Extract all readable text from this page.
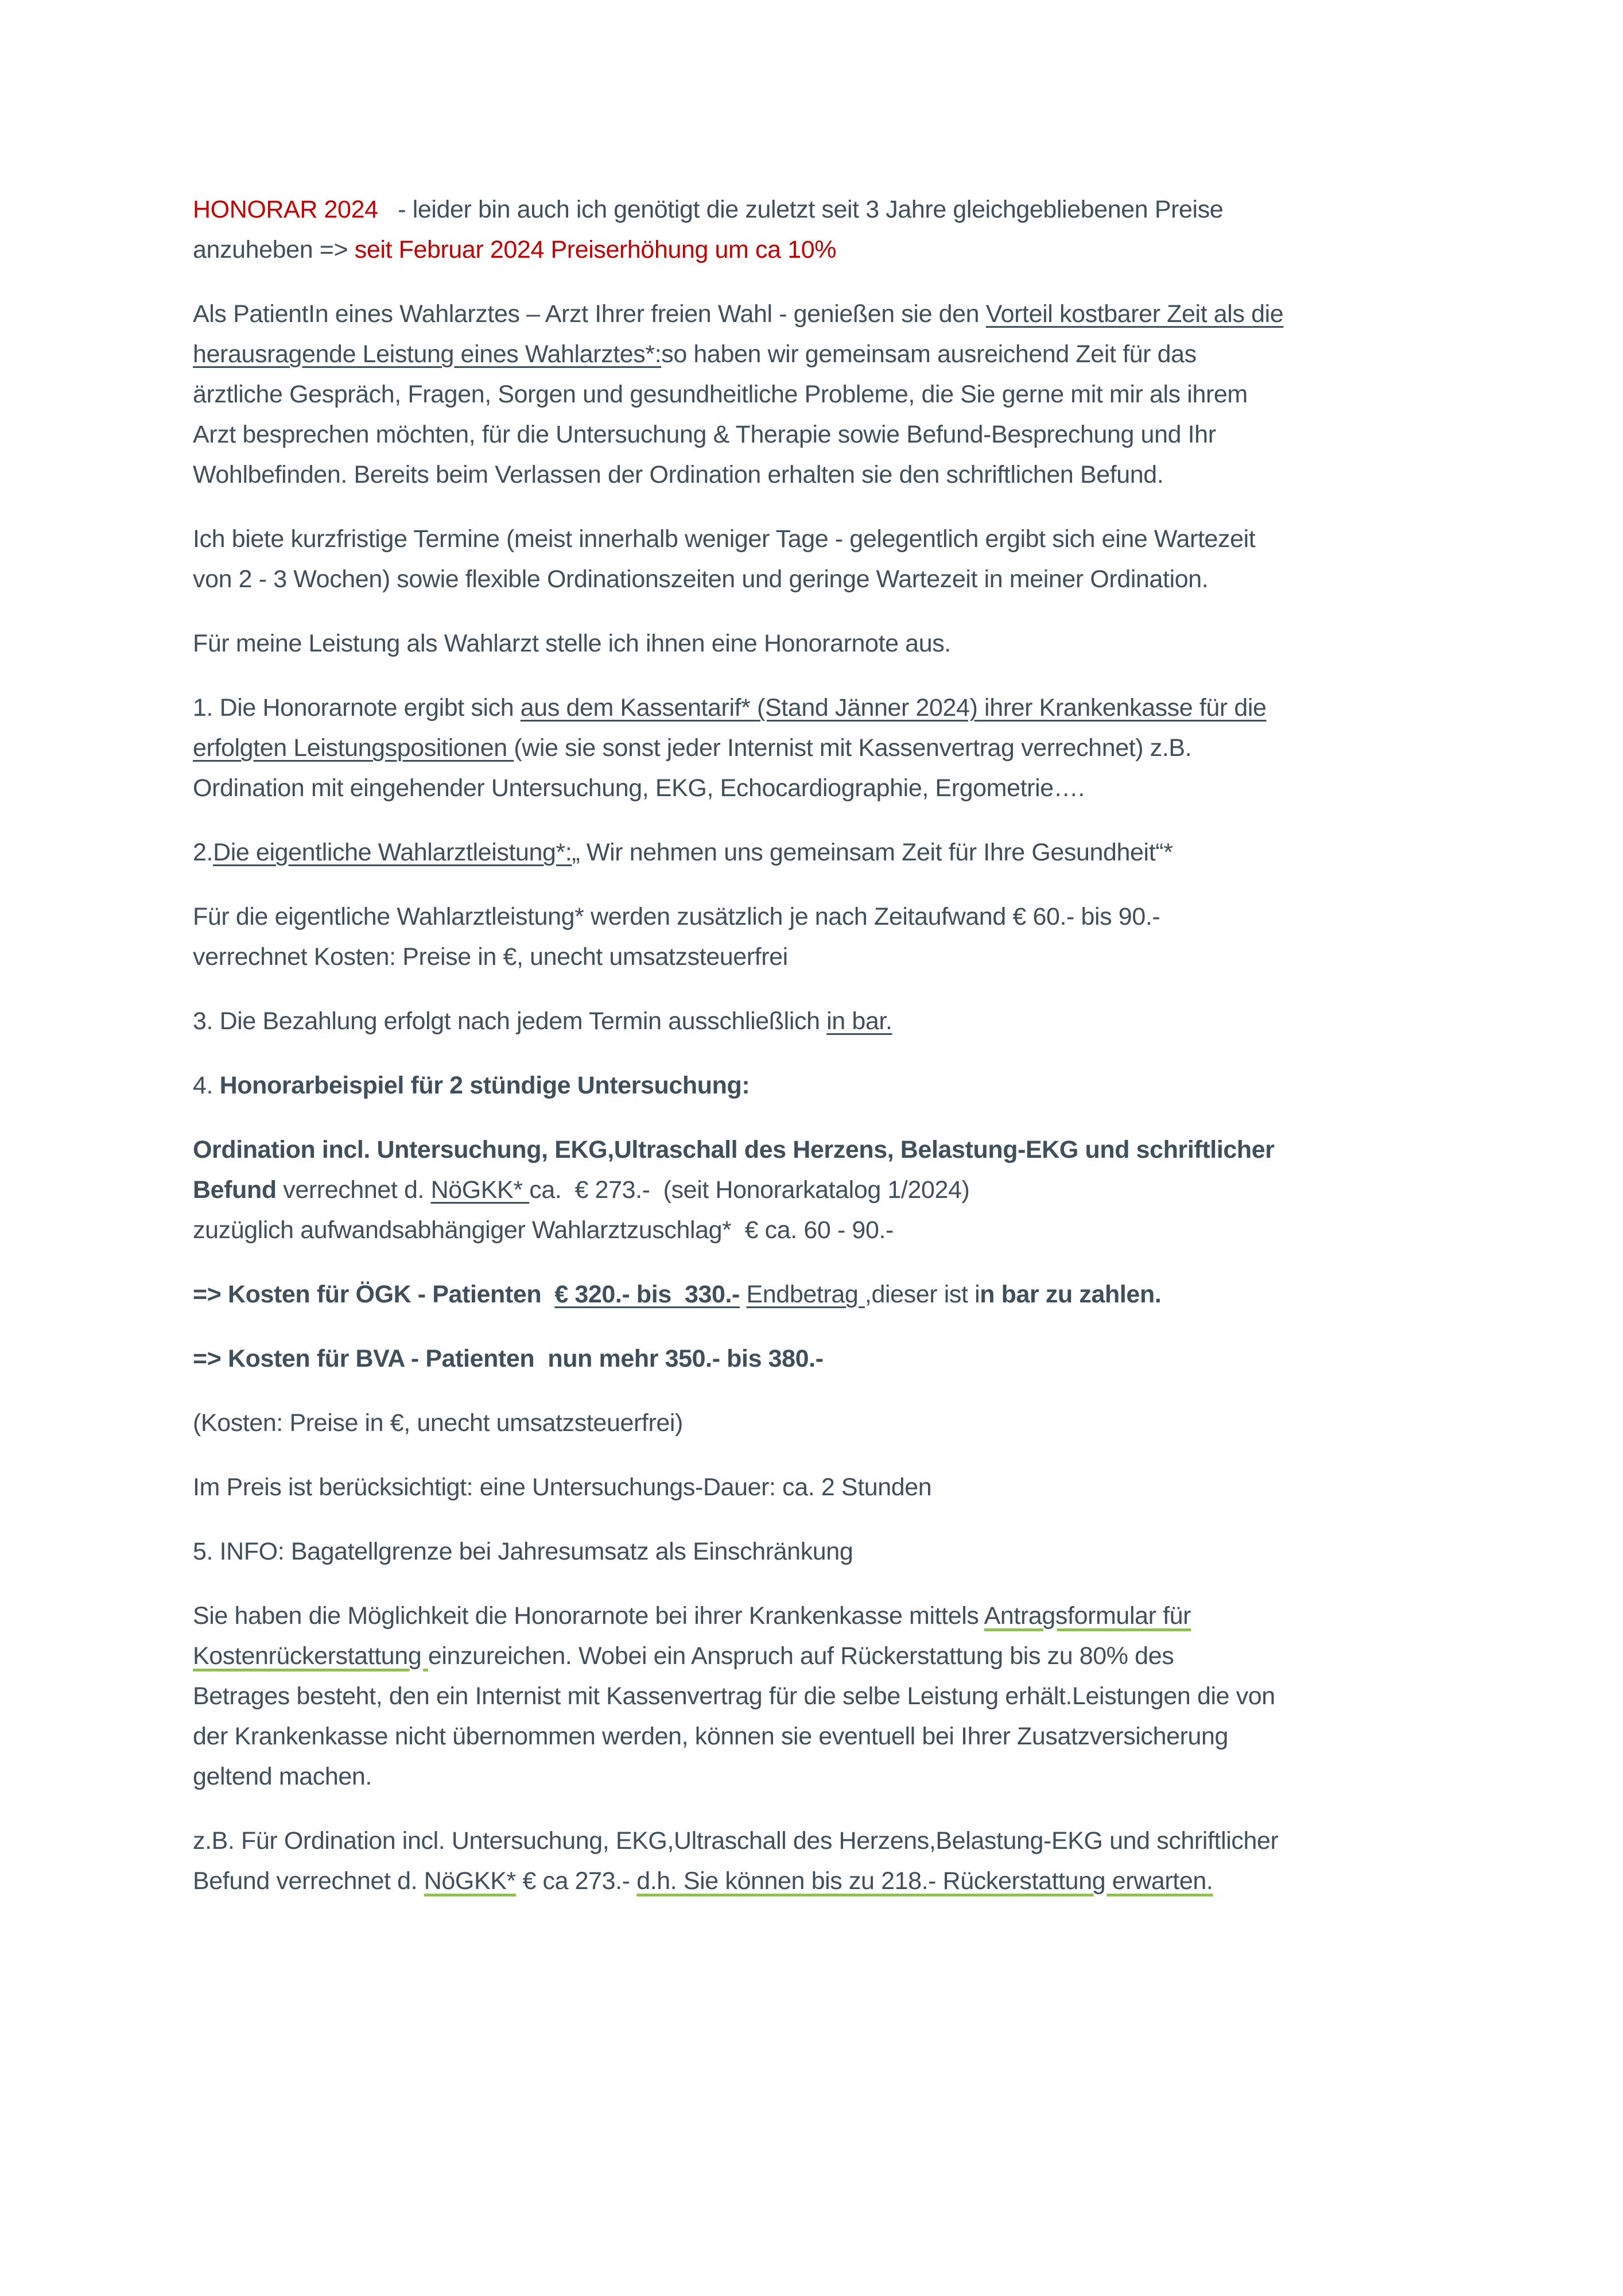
HONORAR 2024   - leider bin auch ich genötigt die zuletzt seit 3 Jahre gleichgebliebenen Preise
anzuheben => seit Februar 2024 Preiserhöhung um ca 10%

Als PatientIn eines Wahlarztes – Arzt Ihrer freien Wahl - genießen sie den Vorteil kostbarer Zeit als die
herausragende Leistung eines Wahlarztes*:so haben wir gemeinsam ausreichend Zeit für das
ärztliche Gespräch, Fragen, Sorgen und gesundheitliche Probleme, die Sie gerne mit mir als ihrem
Arzt besprechen möchten, für die Untersuchung & Therapie sowie Befund-Besprechung und Ihr
Wohlbefinden. Bereits beim Verlassen der Ordination erhalten sie den schriftlichen Befund.

Ich biete kurzfristige Termine (meist innerhalb weniger Tage - gelegentlich ergibt sich eine Wartezeit
von 2 - 3 Wochen) sowie flexible Ordinationszeiten und geringe Wartezeit in meiner Ordination.

Für meine Leistung als Wahlarzt stelle ich ihnen eine Honorarnote aus.

1. Die Honorarnote ergibt sich aus dem Kassentarif* (Stand Jänner 2024) ihrer Krankenkasse für die
erfolgten Leistungspositionen (wie sie sonst jeder Internist mit Kassenvertrag verrechnet) z.B.
Ordination mit eingehender Untersuchung, EKG, Echocardiographie, Ergometrie….

2.Die eigentliche Wahlarztleistung*:„ Wir nehmen uns gemeinsam Zeit für Ihre Gesundheit“*

Für die eigentliche Wahlarztleistung* werden zusätzlich je nach Zeitaufwand € 60.- bis 90.-
verrechnet Kosten: Preise in €, unecht umsatzsteuerfrei

3. Die Bezahlung erfolgt nach jedem Termin ausschließlich in bar.

4. Honorarbeispiel für 2 stündige Untersuchung:

Ordination incl. Untersuchung, EKG,Ultraschall des Herzens, Belastung-EKG und schriftlicher
Befund verrechnet d. NöGKK* ca.  € 273.-  (seit Honorarkatalog 1/2024)
zuzüglich aufwandsabhängiger Wahlarztzuschlag*  € ca. 60 - 90.-

=> Kosten für ÖGK - Patienten  € 320.- bis  330.- Endbetrag ,dieser ist in bar zu zahlen.

=> Kosten für BVA - Patienten  nun mehr 350.- bis 380.-

(Kosten: Preise in €, unecht umsatzsteuerfrei)

Im Preis ist berücksichtigt: eine Untersuchungs-Dauer: ca. 2 Stunden

5. INFO: Bagatellgrenze bei Jahresumsatz als Einschränkung

Sie haben die Möglichkeit die Honorarnote bei ihrer Krankenkasse mittels Antragsformular für
Kostenrückerstattung einzureichen. Wobei ein Anspruch auf Rückerstattung bis zu 80% des
Betrages besteht, den ein Internist mit Kassenvertrag für die selbe Leistung erhält.Leistungen die von
der Krankenkasse nicht übernommen werden, können sie eventuell bei Ihrer Zusatzversicherung
geltend machen.

z.B. Für Ordination incl. Untersuchung, EKG,Ultraschall des Herzens,Belastung-EKG und schriftlicher
Befund verrechnet d. NöGKK* € ca 273.- d.h. Sie können bis zu 218.- Rückerstattung erwarten.
